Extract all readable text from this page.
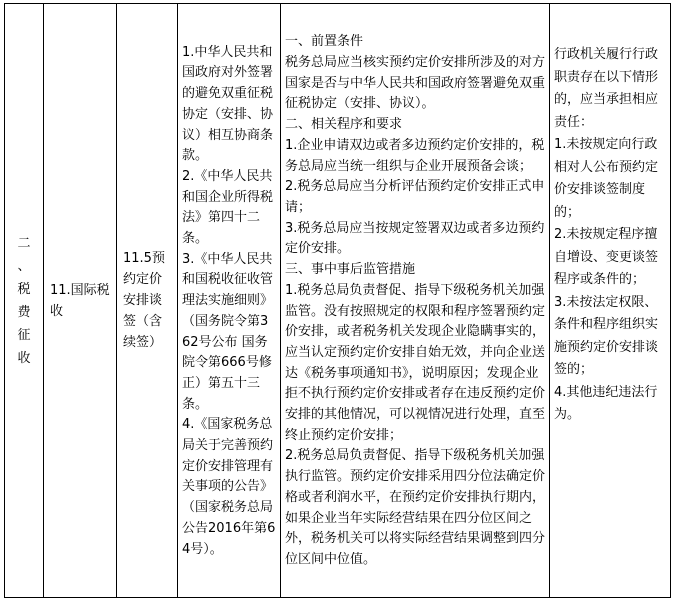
二
、
税
费
征
收

11.国际税收

11.5预约定价安排谈签（含续签）

1.中华人民共和国政府对外签署的避免双重征税协定（安排、协议）相互协商条款。
2.《中华人民共和国企业所得税法》第四十二条。
3.《中华人民共和国税收征收管理法实施细则》（国务院令第362号公布 国务院令第666号修正）第五十三条。
4.《国家税务总局关于完善预约定价安排管理有关事项的公告》（国家税务总局公告2016年第64号）。

一、前置条件
税务总局应当核实预约定价安排所涉及的对方国家是否与中华人民共和国政府签署避免双重征税协定（安排、协议）。
二、相关程序和要求
1.企业申请双边或者多边预约定价安排的，税务总局应当统一组织与企业开展预备会谈；
2.税务总局应当分析评估预约定价安排正式申请；
3.税务总局应当按规定签署双边或者多边预约定价安排。
三、事中事后监管措施
1.税务总局负责督促、指导下级税务机关加强监管。没有按照规定的权限和程序签署预约定价安排，或者税务机关发现企业隐瞒事实的，应当认定预约定价安排自始无效，并向企业送达《税务事项通知书》，说明原因；发现企业拒不执行预约定价安排或者存在违反预约定价安排的其他情况，可以视情况进行处理，直至终止预约定价安排；
2.税务总局负责督促、指导下级税务机关加强执行监管。预约定价安排采用四分位法确定价格或者利润水平，在预约定价安排执行期内，如果企业当年实际经营结果在四分位区间之外，税务机关可以将实际经营结果调整到四分位区间中位值。

行政机关履行行政职责存在以下情形的，应当承担相应责任：
1.未按规定向行政相对人公布预约定价安排谈签制度的；
2.未按规定程序擅自增设、变更谈签程序或条件的；
3.未按法定权限、条件和程序组织实施预约定价安排谈签的；
4.其他违纪违法行为。
